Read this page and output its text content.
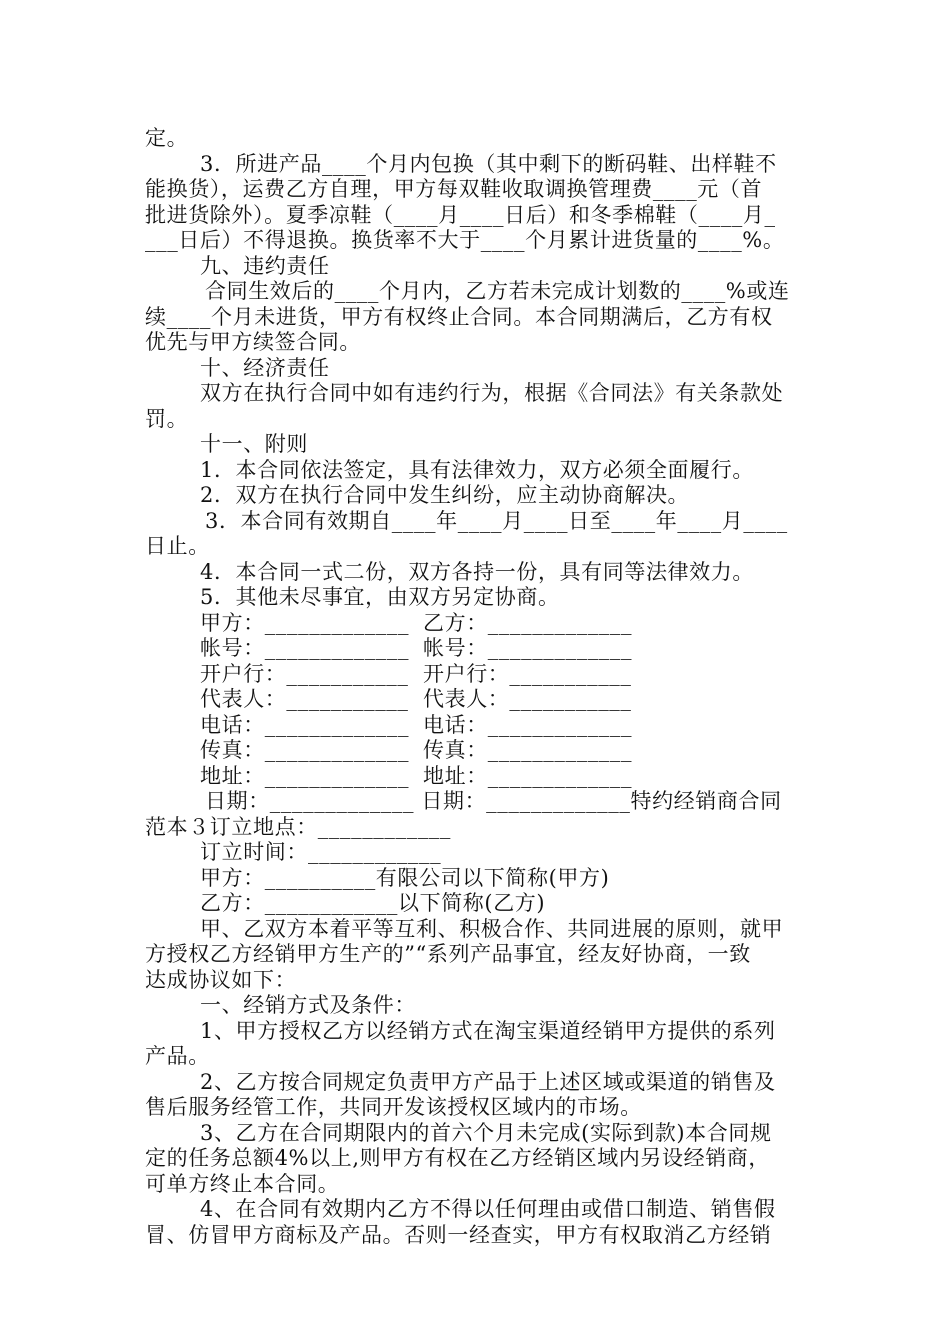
定。
3．所进产品____个月内包换（其中剩下的断码鞋、出样鞋不
能换货），运费乙方自理，甲方每双鞋收取调换管理费____元（首
批进货除外）。夏季凉鞋（____月____日后）和冬季棉鞋（____月_
___日后）不得退换。换货率不大于____个月累计进货量的____%。
九、违约责任
合同生效后的____个月内，乙方若未完成计划数的____%或连
续____个月未进货，甲方有权终止合同。本合同期满后，乙方有权
优先与甲方续签合同。
十、经济责任
双方在执行合同中如有违约行为，根据《合同法》有关条款处
罚。
十一、附则
1．本合同依法签定，具有法律效力，双方必须全面履行。
2．双方在执行合同中发生纠纷，应主动协商解决。
3．本合同有效期自____年____月____日至____年____月____
日止。
4．本合同一式二份，双方各持一份，具有同等法律效力。
5．其他未尽事宜，由双方另定协商。
甲方：_____________ 乙方：_____________
帐号：_____________ 帐号：_____________
开户行：___________ 开户行：___________
代表人：___________ 代表人：___________
电话：_____________ 电话：_____________
传真：_____________ 传真：_____________
地址：_____________ 地址：_____________
日期：_____________ 日期：_____________特约经销商合同
范本３订立地点：____________
订立时间：____________
甲方：__________有限公司以下简称(甲方)
乙方：____________以下简称(乙方)
甲、乙双方本着平等互利、积极合作、共同进展的原则，就甲
方授权乙方经销甲方生产的”“系列产品事宜，经友好协商，一致
达成协议如下：
一、经销方式及条件：
1、甲方授权乙方以经销方式在淘宝渠道经销甲方提供的系列
产品。
2、乙方按合同规定负责甲方产品于上述区域或渠道的销售及
售后服务经管工作，共同开发该授权区域内的市场。
3、乙方在合同期限内的首六个月未完成(实际到款)本合同规
定的任务总额4%以上,则甲方有权在乙方经销区域内另设经销商，
可单方终止本合同。
4、在合同有效期内乙方不得以任何理由或借口制造、销售假
冒、仿冒甲方商标及产品。否则一经查实，甲方有权取消乙方经销
